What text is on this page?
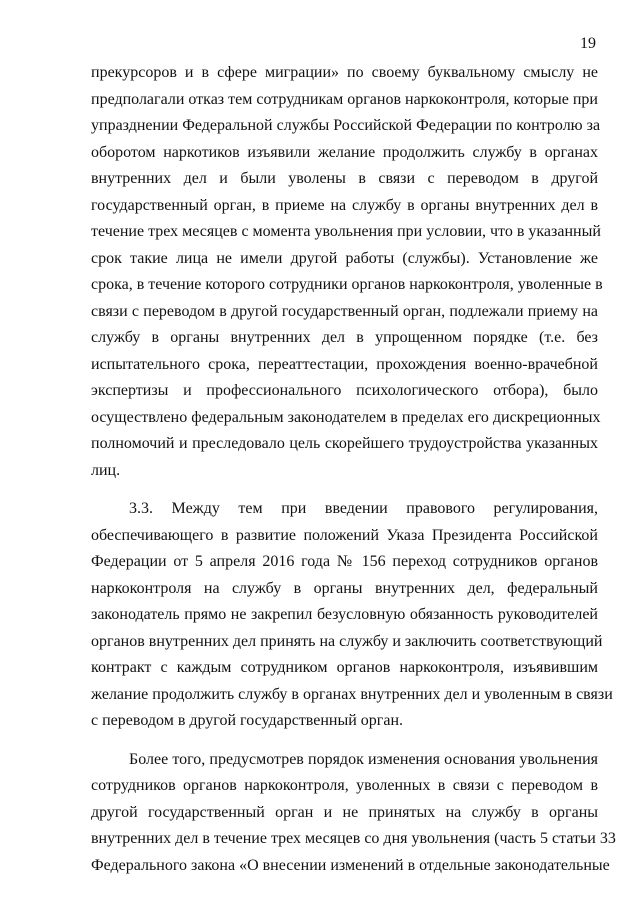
19
прекурсоров и в сфере миграции» по своему буквальному смыслу не
предполагали отказ тем сотрудникам органов наркоконтроля, которые при
упразднении Федеральной службы Российской Федерации по контролю за
оборотом наркотиков изъявили желание продолжить службу в органах
внутренних дел и были уволены в связи с переводом в другой
государственный орган, в приеме на службу в органы внутренних дел в
течение трех месяцев с момента увольнения при условии, что в указанный
срок такие лица не имели другой работы (службы). Установление же
срока, в течение которого сотрудники органов наркоконтроля, уволенные в
связи с переводом в другой государственный орган, подлежали приему на
службу в органы внутренних дел в упрощенном порядке (т.е. без
испытательного срока, переаттестации, прохождения военно-врачебной
экспертизы и профессионального психологического отбора), было
осуществлено федеральным законодателем в пределах его дискреционных
полномочий и преследовало цель скорейшего трудоустройства указанных
лиц.
3.3. Между тем при введении правового регулирования,
обеспечивающего в развитие положений Указа Президента Российской
Федерации от 5 апреля 2016 года № 156 переход сотрудников органов
наркоконтроля на службу в органы внутренних дел, федеральный
законодатель прямо не закрепил безусловную обязанность руководителей
органов внутренних дел принять на службу и заключить соответствующий
контракт с каждым сотрудником органов наркоконтроля, изъявившим
желание продолжить службу в органах внутренних дел и уволенным в связи
с переводом в другой государственный орган.
Более того, предусмотрев порядок изменения основания увольнения
сотрудников органов наркоконтроля, уволенных в связи с переводом в
другой государственный орган и не принятых на службу в органы
внутренних дел в течение трех месяцев со дня увольнения (часть 5 статьи 33
Федерального закона «О внесении изменений в отдельные законодательные
